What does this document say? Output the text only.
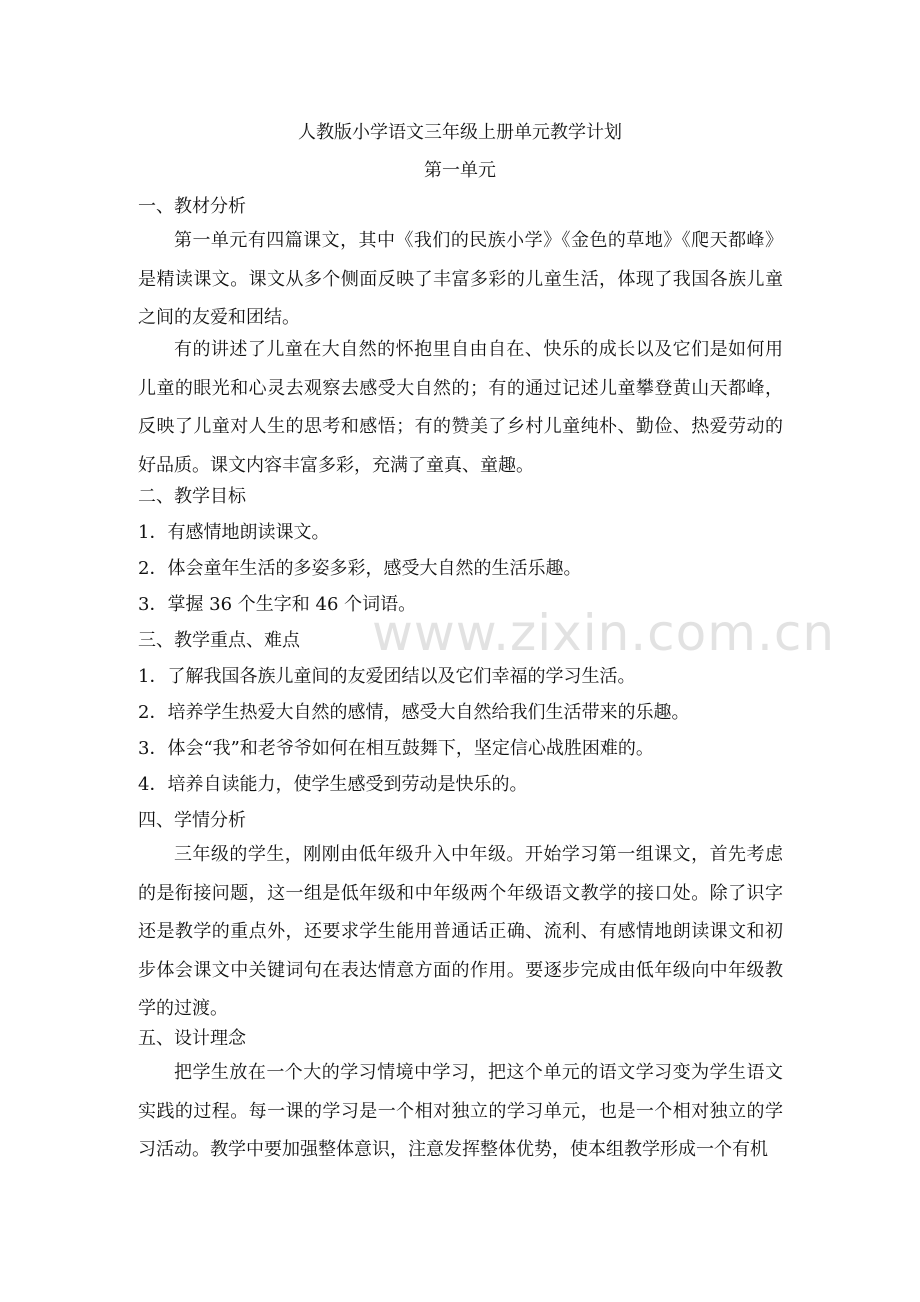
人教版小学语文三年级上册单元教学计划
第一单元
一、教材分析
第一单元有四篇课文，其中《我们的民族小学》《金色的草地》《爬天都峰》是精读课文。课文从多个侧面反映了丰富多彩的儿童生活，体现了我国各族儿童之间的友爱和团结。
有的讲述了儿童在大自然的怀抱里自由自在、快乐的成长以及它们是如何用儿童的眼光和心灵去观察去感受大自然的；有的通过记述儿童攀登黄山天都峰，反映了儿童对人生的思考和感悟；有的赞美了乡村儿童纯朴、勤俭、热爱劳动的好品质。课文内容丰富多彩，充满了童真、童趣。
二、教学目标
1．有感情地朗读课文。
2．体会童年生活的多姿多彩，感受大自然的生活乐趣。
3．掌握 36 个生字和 46 个词语。
三、教学重点、难点
1．了解我国各族儿童间的友爱团结以及它们幸福的学习生活。
2．培养学生热爱大自然的感情，感受大自然给我们生活带来的乐趣。
3．体会“我”和老爷爷如何在相互鼓舞下，坚定信心战胜困难的。
4．培养自读能力，使学生感受到劳动是快乐的。
四、学情分析
三年级的学生，刚刚由低年级升入中年级。开始学习第一组课文，首先考虑的是衔接问题，这一组是低年级和中年级两个年级语文教学的接口处。除了识字还是教学的重点外，还要求学生能用普通话正确、流利、有感情地朗读课文和初步体会课文中关键词句在表达情意方面的作用。要逐步完成由低年级向中年级教学的过渡。
五、设计理念
把学生放在一个大的学习情境中学习，把这个单元的语文学习变为学生语文实践的过程。每一课的学习是一个相对独立的学习单元，也是一个相对独立的学习活动。教学中要加强整体意识，注意发挥整体优势，使本组教学形成一个有机
www.zixin.com.cn
